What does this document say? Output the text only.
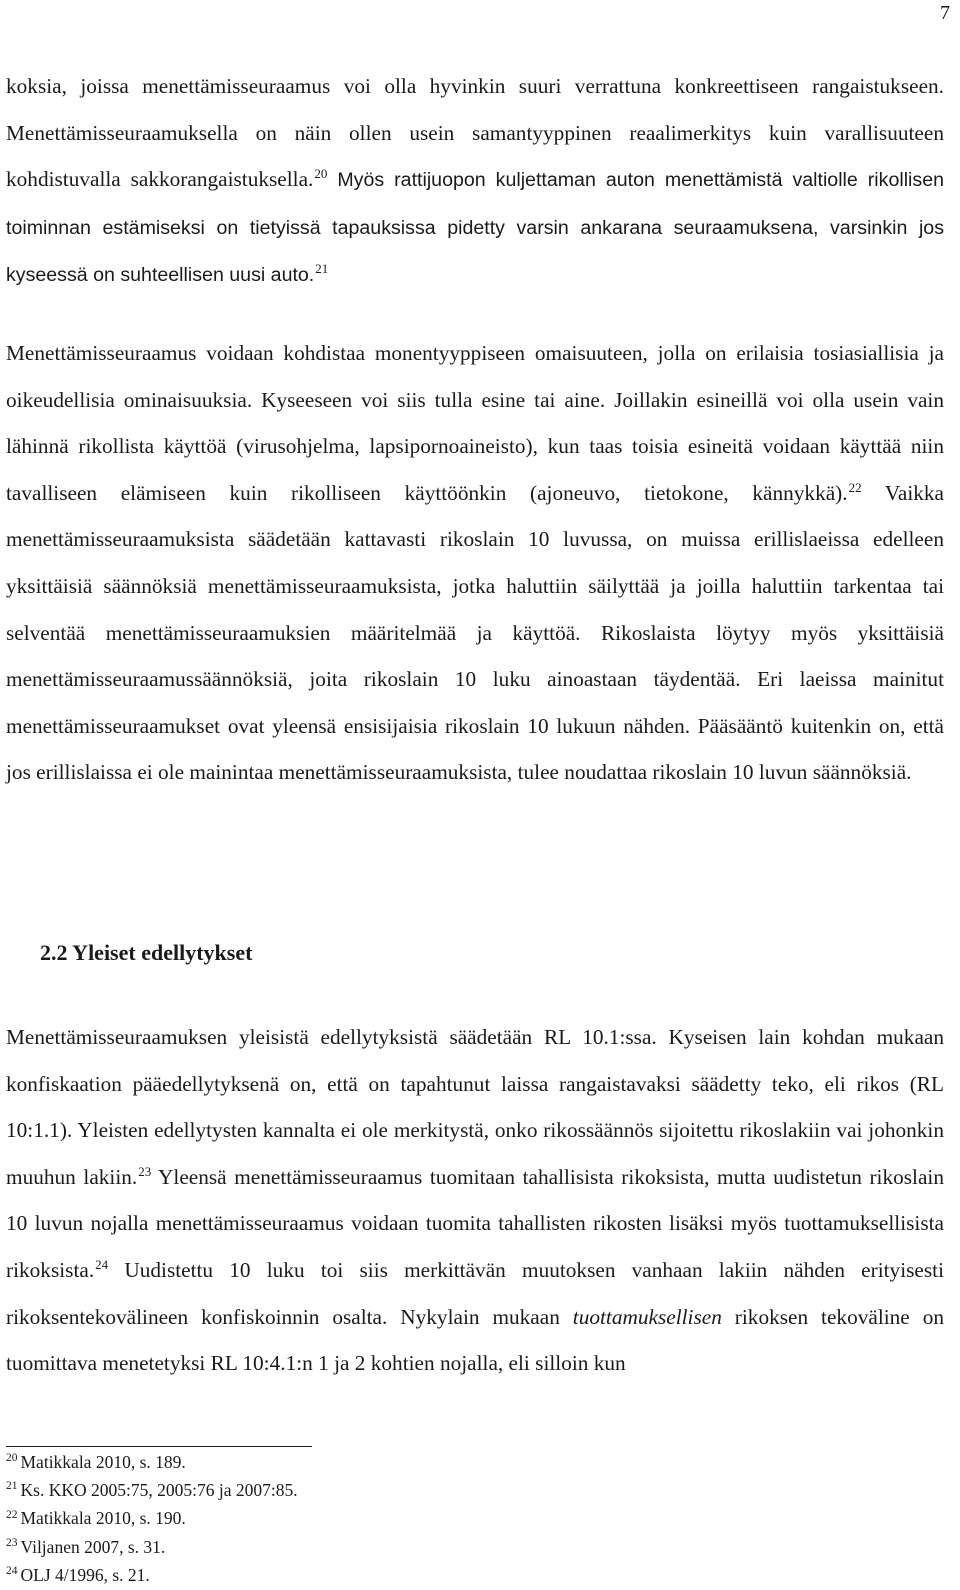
7
koksia, joissa menettämisseuraamus voi olla hyvinkin suuri verrattuna konkreettiseen rangaistukseen. Menettämisseuraamuksella on näin ollen usein samantyyppinen reaalimerkitys kuin varallisuuteen kohdistuvalla sakkorangaistuksella.$^{20}$ Myös rattijuopon kuljettaman auton menettämistä valtiolle rikollisen toiminnan estämiseksi on tietyissä tapauksissa pidetty varsin ankarana seuraamuksena, varsinkin jos kyseessä on suhteellisen uusi auto.$^{21}$
Menettämisseuraamus voidaan kohdistaa monentyyppiseen omaisuuteen, jolla on erilaisia tosiasiallisia ja oikeudellisia ominaisuuksia. Kyseeseen voi siis tulla esine tai aine. Joillakin esineillä voi olla usein vain lähinnä rikollista käyttöä (virusohjelma, lapsipornoaineisto), kun taas toisia esineitä voidaan käyttää niin tavalliseen elämiseen kuin rikolliseen käyttöönkin (ajoneuvo, tietokone, kännykkä).$^{22}$ Vaikka menettämisseuraamuksista säädetään kattavasti rikoslain 10 luvussa, on muissa erillislaeissa edelleen yksittäisiä säännöksiä menettämisseuraamuksista, jotka haluttiin säilyttää ja joilla haluttiin tarkentaa tai selventää menettämisseuraamuksien määritelmää ja käyttöä. Rikoslaista löytyy myös yksittäisiä menettämisseuraamussäännöksiä, joita rikoslain 10 luku ainoastaan täydentää. Eri laeissa mainitut menettämisseuraamukset ovat yleensä ensisijaisia rikoslain 10 lukuun nähden. Pääsääntö kuitenkin on, että jos erillislaissa ei ole mainintaa menettämisseuraamuksista, tulee noudattaa rikoslain 10 luvun säännöksiä.
2.2 Yleiset edellytykset
Menettämisseuraamuksen yleisistä edellytyksistä säädetään RL 10.1:ssa. Kyseisen lain kohdan mukaan konfiskaation pääedellytyksenä on, että on tapahtunut laissa rangaistavaksi säädetty teko, eli rikos (RL 10:1.1). Yleisten edellytysten kannalta ei ole merkitystä, onko rikossäännös sijoitettu rikoslakiin vai johonkin muuhun lakiin.$^{23}$ Yleensä menettämisseuraamus tuomitaan tahallisista rikoksista, mutta uudistetun rikoslain 10 luvun nojalla menettämisseuraamus voidaan tuomita tahallisten rikosten lisäksi myös tuottamuksellisista rikoksista.$^{24}$ Uudistettu 10 luku toi siis merkittävän muutoksen vanhaan lakiin nähden erityisesti rikoksentekovälineen konfiskoinnin osalta. Nykylain mukaan tuottamuksellisen rikoksen tekoväline on tuomittava menetetyksi RL 10:4.1:n 1 ja 2 kohtien nojalla, eli silloin kun
$^{20}$ Matikkala 2010, s. 189.
$^{21}$ Ks. KKO 2005:75, 2005:76 ja 2007:85.
$^{22}$ Matikkala 2010, s. 190.
$^{23}$ Viljanen 2007, s. 31.
$^{24}$ OLJ 4/1996, s. 21.
